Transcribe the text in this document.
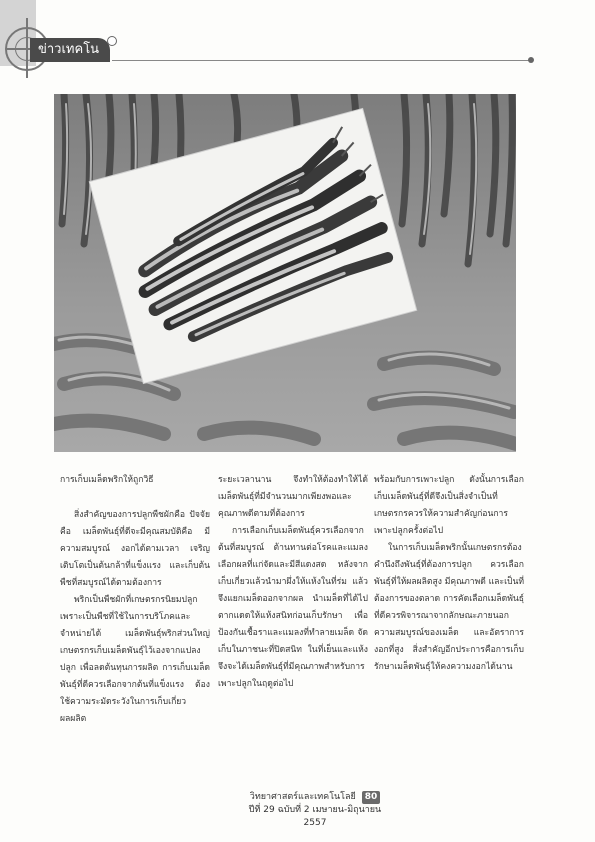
ข่าวเทคโน
การเก็บเมล็ดพริกให้ถูกวิธี

สิ่งสำคัญของการปลูกพืชผักคือ ปัจจัยคือ เมล็ดพันธุ์ที่ดีจะมีคุณสมบัติคือ มีความสมบูรณ์ งอกได้ตามเวลา เจริญเติบโตเป็นต้นกล้าที่แข็งแรง และเก็บต้นพืชที่สมบูรณ์ได้ตามต้องการ

พริกเป็นพืชผักที่เกษตรกรนิยมปลูกเพราะเป็นพืชที่ใช้ในการบริโภคและจำหน่ายได้ เมล็ดพันธุ์พริกส่วนใหญ่เกษตรกรเก็บเมล็ดพันธุ์ไว้เองจากแปลงปลูก เพื่อลดต้นทุนการผลิต การเก็บเมล็ดพันธุ์ที่ดีควรเลือกจากต้นที่แข็งแรง ต้องใช้ความระมัดระวังในการเก็บเกี่ยวผลผลิต

ระยะเวลานาน จึงทำให้ต้องทำให้ได้เมล็ดพันธุ์ที่มีจำนวนมากเพียงพอและคุณภาพดีตามที่ต้องการ

การเลือกเก็บเมล็ดพันธุ์ควรเลือกจากต้นที่สมบูรณ์ ต้านทานต่อโรคและแมลง เลือกผลที่แก่จัดและมีสีแดงสด หลังจากเก็บเกี่ยวแล้วนำมาผึ่งให้แห้งในที่ร่ม แล้วจึงแยกเมล็ดออกจากผล นำเมล็ดที่ได้ไปตากแดดให้แห้งสนิทก่อนเก็บรักษา เพื่อป้องกันเชื้อราและแมลงที่ทำลายเมล็ด จัดเก็บในภาชนะที่ปิดสนิท ในที่เย็นและแห้ง จึงจะได้เมล็ดพันธุ์ที่มีคุณภาพสำหรับการเพาะปลูกในฤดูต่อไป

พร้อมกับการเพาะปลูก ดังนั้นการเลือกเก็บเมล็ดพันธุ์ที่ดีจึงเป็นสิ่งจำเป็นที่เกษตรกรควรให้ความสำคัญก่อนการเพาะปลูกครั้งต่อไป

ในการเก็บเมล็ดพริกนั้นเกษตรกรต้องคำนึงถึงพันธุ์ที่ต้องการปลูก ควรเลือกพันธุ์ที่ให้ผลผลิตสูง มีคุณภาพดี และเป็นที่ต้องการของตลาด การคัดเลือกเมล็ดพันธุ์ที่ดีควรพิจารณาจากลักษณะภายนอก ความสมบูรณ์ของเมล็ด และอัตราการงอกที่สูง สิ่งสำคัญอีกประการคือการเก็บรักษาเมล็ดพันธุ์ให้คงความงอกได้นาน

วิทยาศาสตร์และเทคโนโลยี 80
ปีที่ 29 ฉบับที่ 2 เมษายน-มิถุนายน 2557
